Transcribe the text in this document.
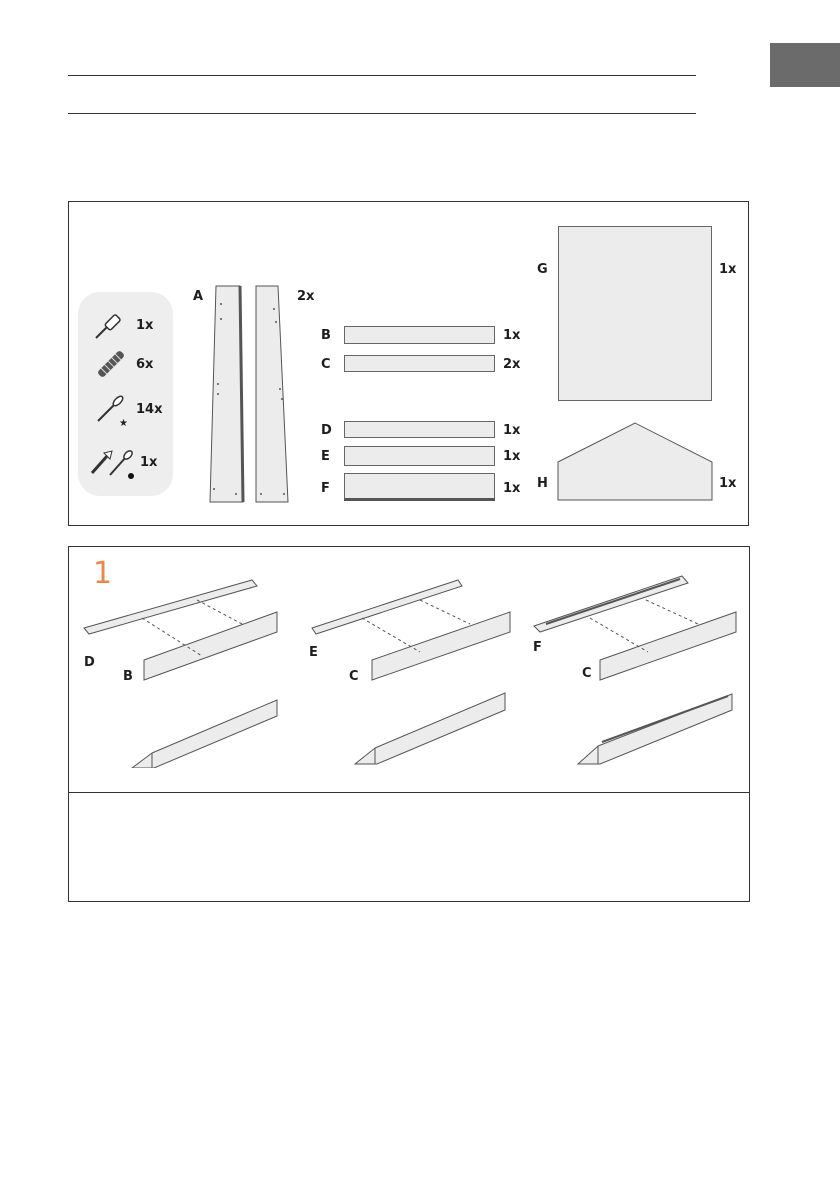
1x
6x
★
14x
1x
A	2x
B	1x
C	2x
D	1x
E	1x
F	1x
G	1x
H	1x
1
D
B
E
C
F
C
